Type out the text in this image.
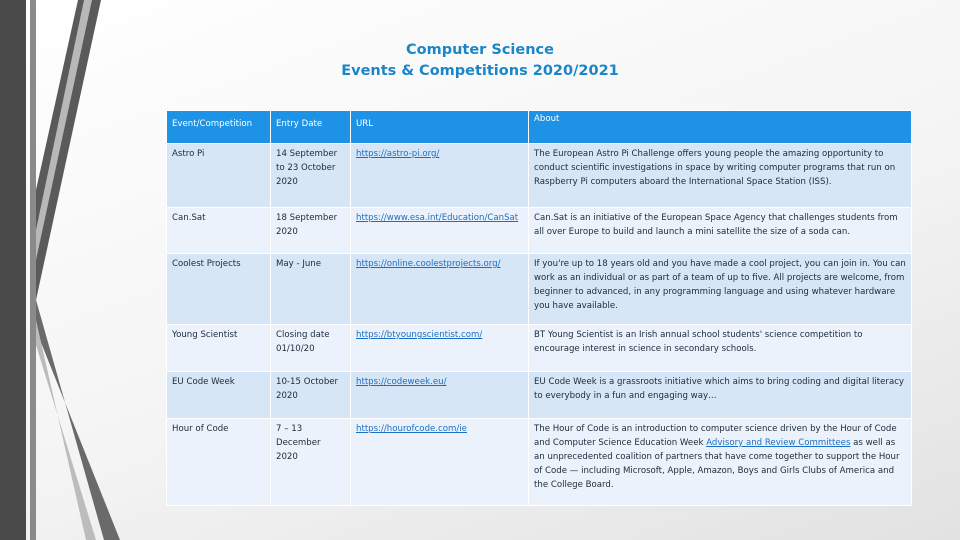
Computer Science
Events & Competitions 2020/2021
Event/Competition	Entry Date	URL	About
Astro Pi	14 September to 23 October 2020	https://astro-pi.org/	The European Astro Pi Challenge offers young people the amazing opportunity to conduct scientific investigations in space by writing computer programs that run on Raspberry Pi computers aboard the International Space Station (ISS).
Can.Sat	18 September 2020	https://www.esa.int/Education/CanSat	Can.Sat is an initiative of the European Space Agency that challenges students from all over Europe to build and launch a mini satellite the size of a soda can.
Coolest Projects	May - June	https://online.coolestprojects.org/	If you're up to 18 years old and you have made a cool project, you can join in. You can work as an individual or as part of a team of up to five. All projects are welcome, from beginner to advanced, in any programming language and using whatever hardware you have available.
Young Scientist	Closing date 01/10/20	https://btyoungscientist.com/	BT Young Scientist is an Irish annual school students' science competition to encourage interest in science in secondary schools.
EU Code Week	10-15 October 2020	https://codeweek.eu/	EU Code Week is a grassroots initiative which aims to bring coding and digital literacy to everybody in a fun and engaging way…
Hour of Code	7 – 13 December 2020	https://hourofcode.com/ie	The Hour of Code is an introduction to computer science driven by the Hour of Code and Computer Science Education Week Advisory and Review Committees as well as an unprecedented coalition of partners that have come together to support the Hour of Code — including Microsoft, Apple, Amazon, Boys and Girls Clubs of America and the College Board.
